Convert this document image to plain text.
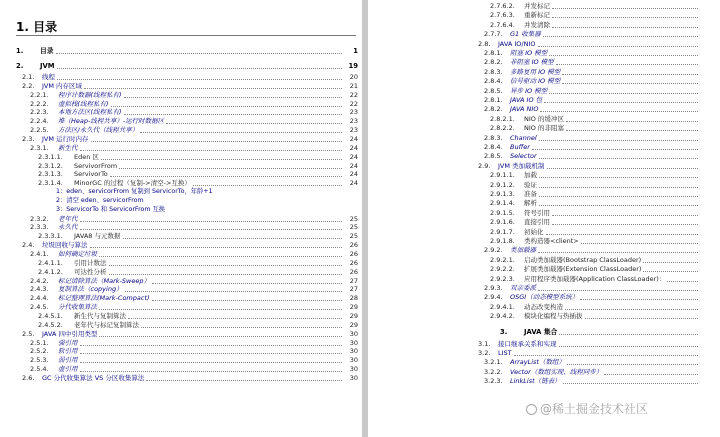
1. 目录
1.	目录	1
2.	JVM	19
2.1.	线程	20
2.2.	JVM 内存区域	21
2.2.1.	程序计数器(线程私有)	22
2.2.2.	虚拟栈(线程私有)	22
2.2.3.	本地方法区(线程私有)	23
2.2.4.	堆（Heap-线程共享）-运行时数据区	23
2.2.5.	方法区/永久代（线程共享）	23
2.3.	JVM 运行时内存	24
2.3.1.	新生代	24
2.3.1.1.	Eden 区	24
2.3.1.2.	ServivorFrom	24
2.3.1.3.	ServivorTo	24
2.3.1.4.	MinorGC 的过程（复制->清空->互换）	24
1：eden、servicorFrom 复制到 ServicorTo，年龄+1
2：清空 eden、servicorFrom
3：ServicorTo 和 ServicorFrom 互换
2.3.2.	老年代	25
2.3.3.	永久代	25
2.3.3.1.	JAVA8 与元数据	25
2.4.	垃圾回收与算法	26
2.4.1.	如何确定垃圾	26
2.4.1.1.	引用计数法	26
2.4.1.2.	可达性分析	26
2.4.2.	标记清除算法（Mark-Sweep）	27
2.4.3.	复制算法（copying）	27
2.4.4.	标记整理算法(Mark-Compact)	28
2.4.5.	分代收集算法	29
2.4.5.1.	新生代与复制算法	29
2.4.5.2.	老年代与标记复制算法	29
2.5.	JAVA 四中引用类型	30
2.5.1.	强引用	30
2.5.2.	软引用	30
2.5.3.	弱引用	30
2.5.4.	虚引用	30
2.6.	GC 分代收集算法 VS 分区收集算法	30
2.7.6.2.	并发标记
2.7.6.3.	重新标记
2.7.6.4.	并发清除
2.7.7.	G1 收集器
2.8.	JAVA IO/NIO
2.8.1.	阻塞 IO 模型
2.8.2.	非阻塞 IO 模型
2.8.3.	多路复用 IO 模型
2.8.4.	信号驱动 IO 模型
2.8.5.	异步 IO 模型
2.8.1.	JAVA IO 包
2.8.2.	JAVA NIO
2.8.2.1.	NIO 的缓冲区
2.8.2.2.	NIO 的非阻塞
2.8.3.	Channel
2.8.4.	Buffer
2.8.5.	Selector
2.9.	JVM 类加载机制
2.9.1.1.	加载
2.9.1.2.	验证
2.9.1.3.	准备
2.9.1.4.	解析
2.9.1.5.	符号引用
2.9.1.6.	直接引用
2.9.1.7.	初始化
2.9.1.8.	类构造器<client>
2.9.2.	类加载器
2.9.2.1.	启动类加载器(Bootstrap ClassLoader)
2.9.2.2.	扩展类加载器(Extension ClassLoader)
2.9.2.3.	应用程序类加载器(Application ClassLoader)：
2.9.3.	双亲委派
2.9.4.	OSGI（动态模型系统）
2.9.4.1.	动态改变构造
2.9.4.2.	模块化编程与热插拔
3.	JAVA 集合
3.1.	接口继承关系和实现
3.2.	LIST
3.2.1.	ArrayList（数组）
3.2.2.	Vector（数组实现、线程同步）
3.2.3.	LinkList（链表）
@稀土掘金技术社区
